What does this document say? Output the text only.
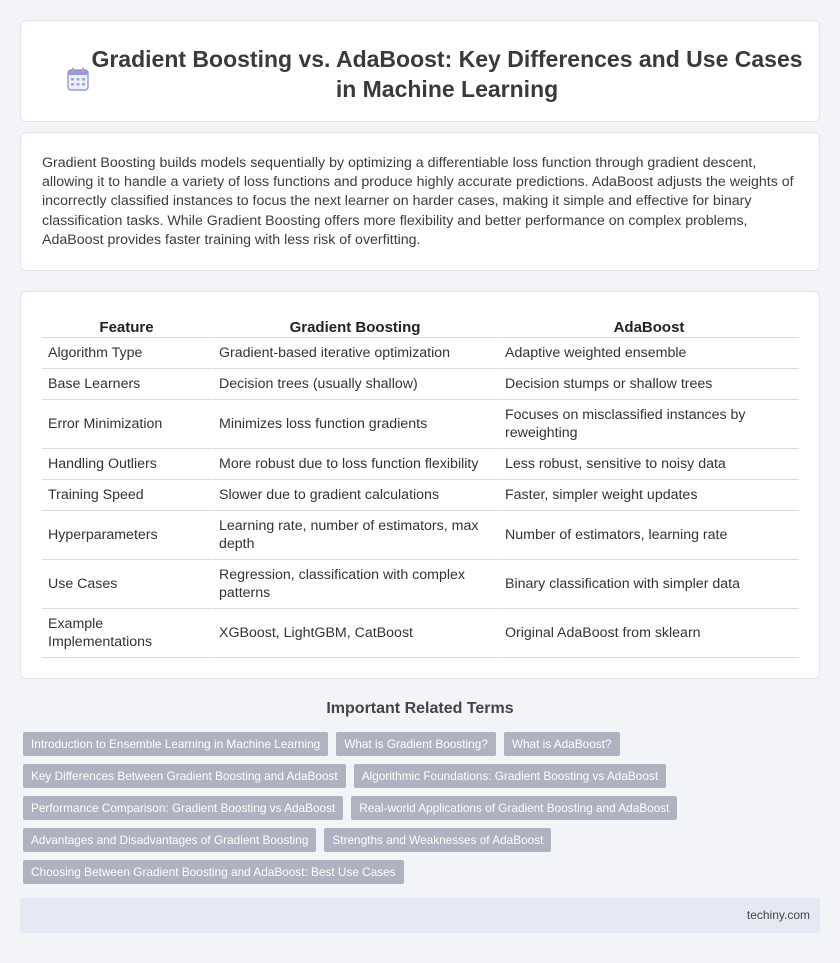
Gradient Boosting vs. AdaBoost: Key Differences and Use Cases in Machine Learning

Gradient Boosting builds models sequentially by optimizing a differentiable loss function through gradient descent, allowing it to handle a variety of loss functions and produce highly accurate predictions. AdaBoost adjusts the weights of incorrectly classified instances to focus the next learner on harder cases, making it simple and effective for binary classification tasks. While Gradient Boosting offers more flexibility and better performance on complex problems, AdaBoost provides faster training with less risk of overfitting.

Feature	Gradient Boosting	AdaBoost
Algorithm Type	Gradient-based iterative optimization	Adaptive weighted ensemble
Base Learners	Decision trees (usually shallow)	Decision stumps or shallow trees
Error Minimization	Minimizes loss function gradients	Focuses on misclassified instances by reweighting
Handling Outliers	More robust due to loss function flexibility	Less robust, sensitive to noisy data
Training Speed	Slower due to gradient calculations	Faster, simpler weight updates
Hyperparameters	Learning rate, number of estimators, max depth	Number of estimators, learning rate
Use Cases	Regression, classification with complex patterns	Binary classification with simpler data
Example Implementations	XGBoost, LightGBM, CatBoost	Original AdaBoost from sklearn
Important Related Terms
Introduction to Ensemble Learning in Machine Learning	What is Gradient Boosting?	What is AdaBoost?
Key Differences Between Gradient Boosting and AdaBoost	Algorithmic Foundations: Gradient Boosting vs AdaBoost
Performance Comparison: Gradient Boosting vs AdaBoost	Real-world Applications of Gradient Boosting and AdaBoost
Advantages and Disadvantages of Gradient Boosting	Strengths and Weaknesses of AdaBoost
Choosing Between Gradient Boosting and AdaBoost: Best Use Cases
techiny.com
